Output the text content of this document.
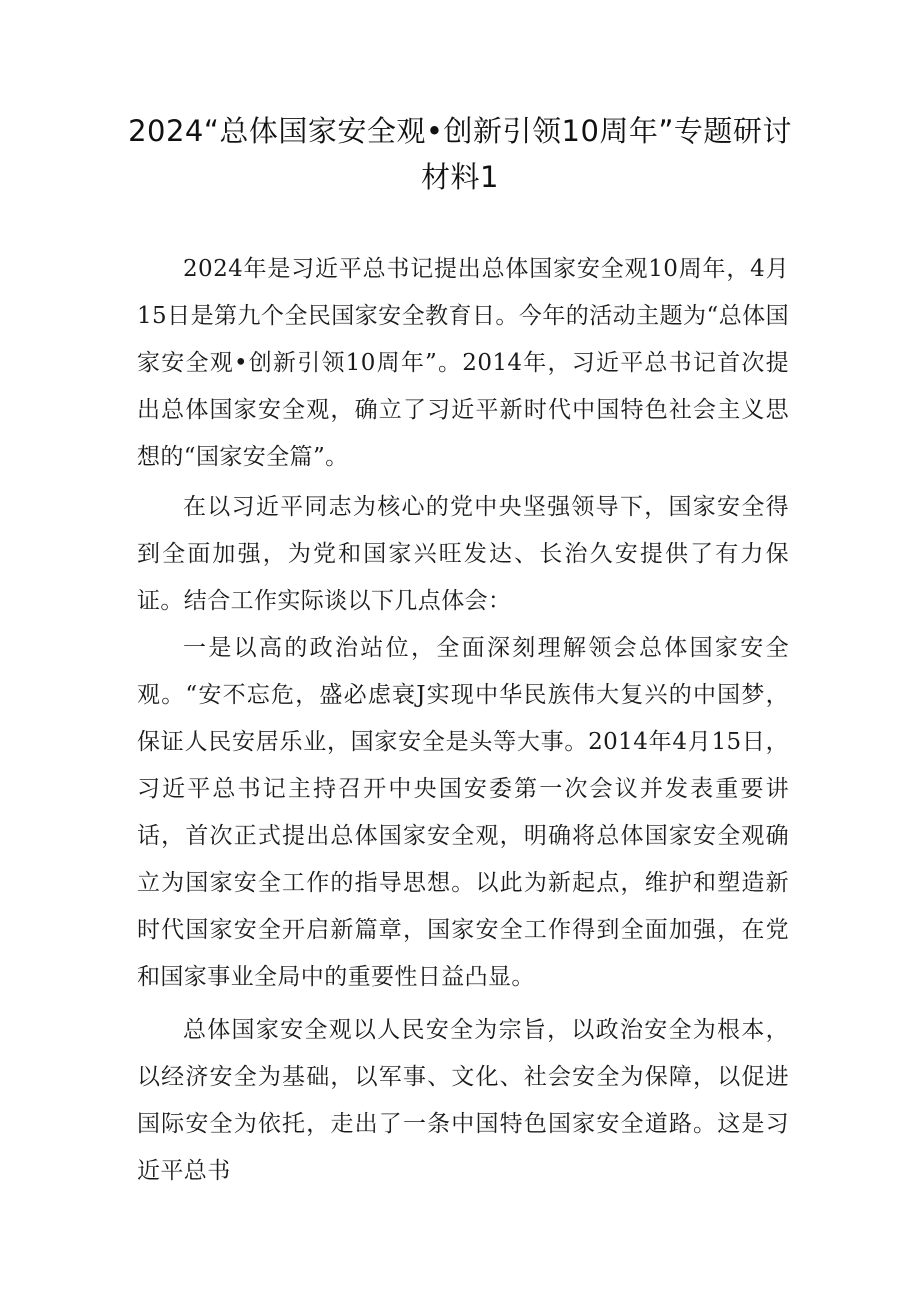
2024“总体国家安全观•创新引领10周年”专题研讨材料1

2024年是习近平总书记提出总体国家安全观10周年，4月15日是第九个全民国家安全教育日。今年的活动主题为“总体国家安全观•创新引领10周年”。2014年，习近平总书记首次提出总体国家安全观，确立了习近平新时代中国特色社会主义思想的“国家安全篇”。

在以习近平同志为核心的党中央坚强领导下，国家安全得到全面加强，为党和国家兴旺发达、长治久安提供了有力保证。结合工作实际谈以下几点体会：

一是以高的政治站位，全面深刻理解领会总体国家安全观。“安不忘危，盛必虑衰J实现中华民族伟大复兴的中国梦，保证人民安居乐业，国家安全是头等大事。2014年4月15日，习近平总书记主持召开中央国安委第一次会议并发表重要讲话，首次正式提出总体国家安全观，明确将总体国家安全观确立为国家安全工作的指导思想。以此为新起点，维护和塑造新时代国家安全开启新篇章，国家安全工作得到全面加强，在党和国家事业全局中的重要性日益凸显。

总体国家安全观以人民安全为宗旨，以政治安全为根本，以经济安全为基础，以军事、文化、社会安全为保障，以促进国际安全为依托，走出了一条中国特色国家安全道路。这是习近平总书
